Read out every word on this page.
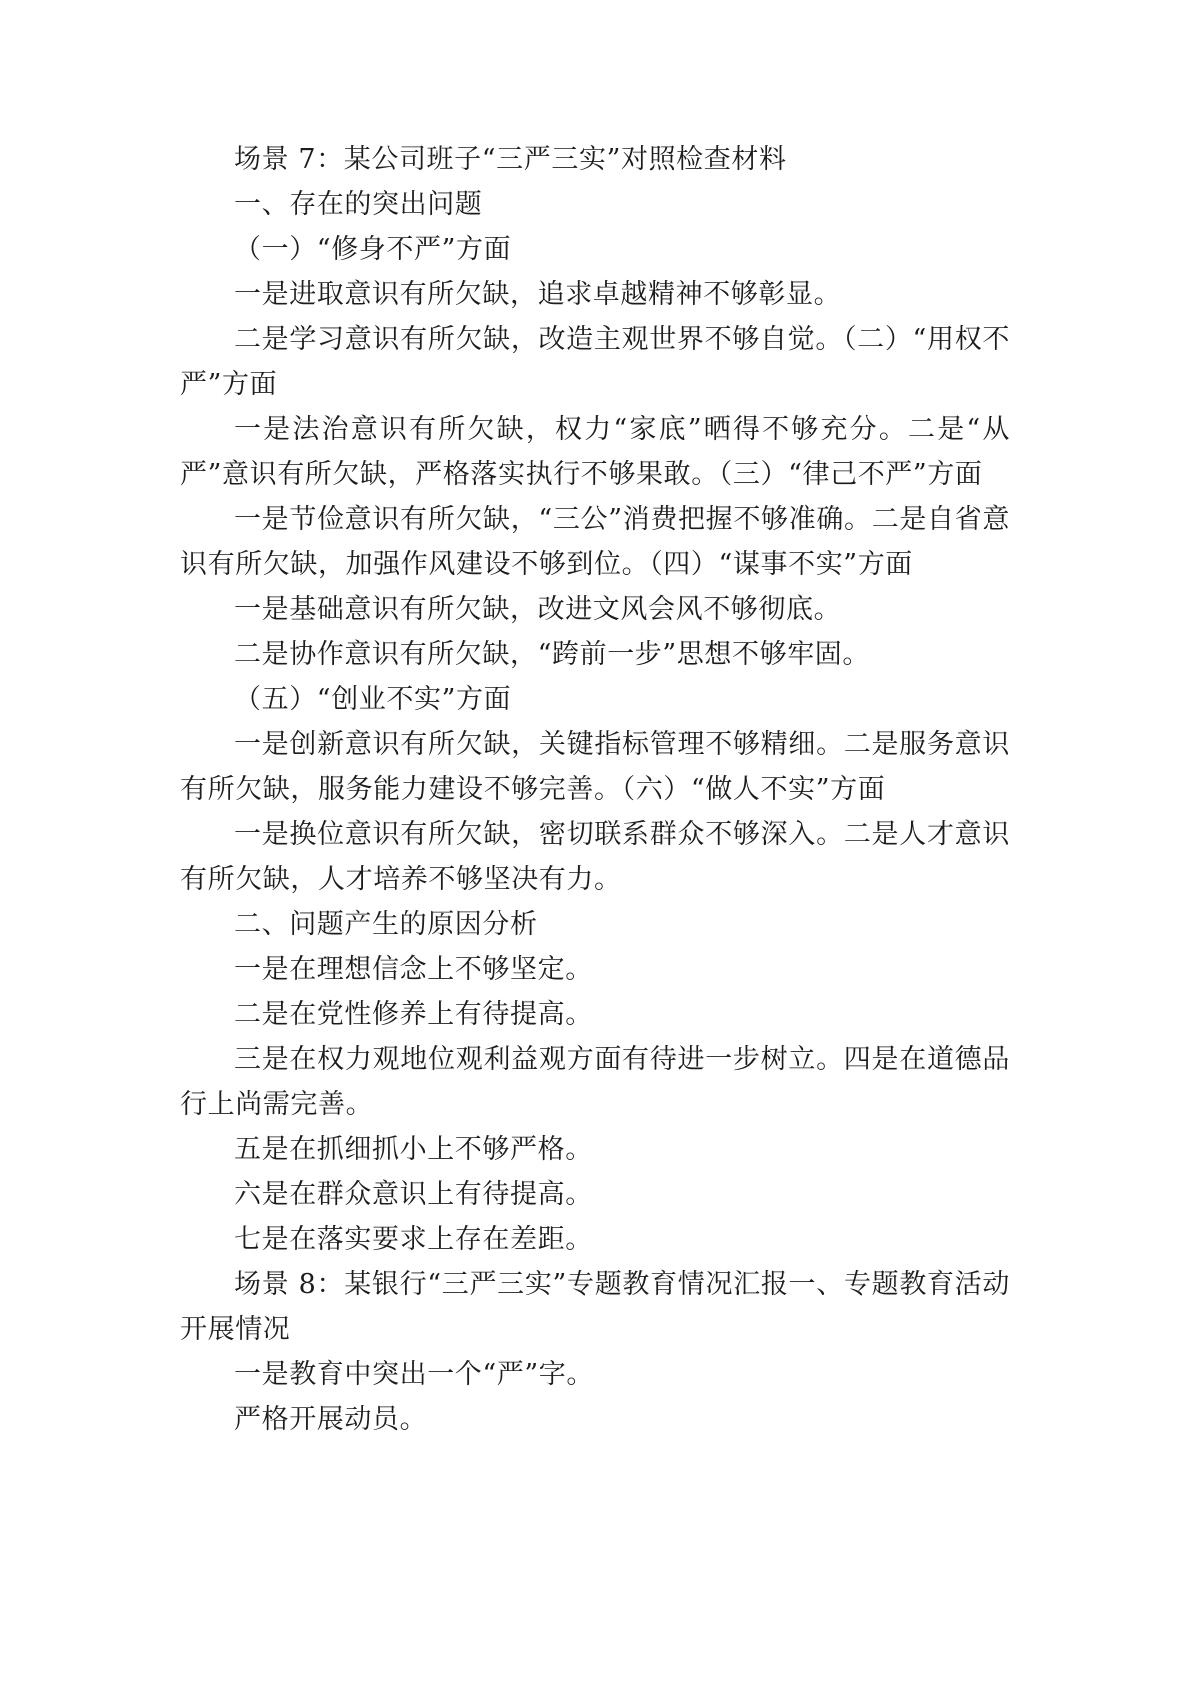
场景 7：某公司班子“三严三实”对照检查材料

一、存在的突出问题

（一）“修身不严”方面

一是进取意识有所欠缺，追求卓越精神不够彰显。

二是学习意识有所欠缺，改造主观世界不够自觉。（二）“用权不严”方面

一是法治意识有所欠缺，权力“家底”晒得不够充分。二是“从严”意识有所欠缺，严格落实执行不够果敢。（三）“律己不严”方面

一是节俭意识有所欠缺，“三公”消费把握不够准确。二是自省意识有所欠缺，加强作风建设不够到位。（四）“谋事不实”方面

一是基础意识有所欠缺，改进文风会风不够彻底。

二是协作意识有所欠缺，“跨前一步”思想不够牢固。

（五）“创业不实”方面

一是创新意识有所欠缺，关键指标管理不够精细。二是服务意识有所欠缺，服务能力建设不够完善。（六）“做人不实”方面

一是换位意识有所欠缺，密切联系群众不够深入。二是人才意识有所欠缺，人才培养不够坚决有力。

二、问题产生的原因分析

一是在理想信念上不够坚定。

二是在党性修养上有待提高。

三是在权力观地位观利益观方面有待进一步树立。四是在道德品行上尚需完善。

五是在抓细抓小上不够严格。

六是在群众意识上有待提高。

七是在落实要求上存在差距。

场景 8：某银行“三严三实”专题教育情况汇报一、专题教育活动开展情况

一是教育中突出一个“严”字。

严格开展动员。
